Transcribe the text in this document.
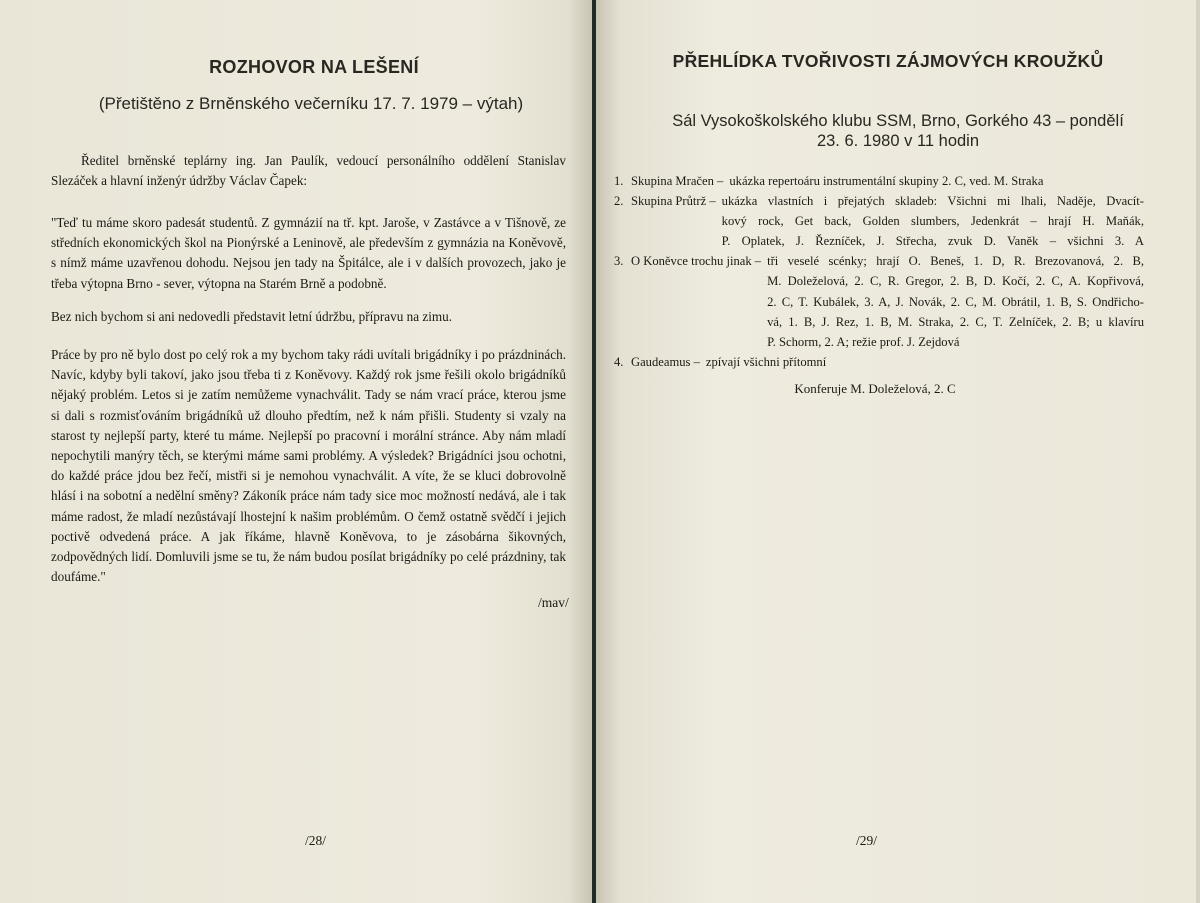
ROZHOVOR NA LEŠENÍ
(Přetištěno z Brněnského večerníku 17. 7. 1979 – výtah)

Ředitel brněnské teplárny ing. Jan Paulík, vedoucí personálního oddělení Stanislav Slezáček a hlavní inženýr údržby Václav Čapek:

"Teď tu máme skoro padesát studentů. Z gymnázií na tř. kpt. Jaroše, v Zastávce a v Tišnově, ze středních ekonomických škol na Pionýrské a Leninově, ale především z gymnázia na Koněvově, s nímž máme uzavřenou dohodu. Nejsou jen tady na Špitálce, ale i v dalších provozech, jako je třeba výtopna Brno - sever, výtopna na Starém Brně a podobně.

Bez nich bychom si ani nedovedli představit letní údržbu, přípravu na zimu.

Práce by pro ně bylo dost po celý rok a my bychom taky rádi uvítali brigádníky i po prázdninách. Navíc, kdyby byli takoví, jako jsou třeba ti z Koněvovy. Každý rok jsme řešili okolo brigádníků nějaký problém. Letos si je zatím nemůžeme vynachválit. Tady se nám vrací práce, kterou jsme si dali s rozmisťováním brigádníků už dlouho předtím, než k nám přišli. Studenty si vzaly na starost ty nejlepší party, které tu máme. Nejlepší po pracovní i morální stránce. Aby nám mladí nepochytili manýry těch, se kterými máme sami problémy. A výsledek? Brigádníci jsou ochotni, do každé práce jdou bez řečí, mistři si je nemohou vynachválit. A víte, že se kluci dobrovolně hlásí i na sobotní a nedělní směny? Zákoník práce nám tady sice moc možností nedává, ale i tak máme radost, že mladí nezůstávají lhostejní k našim problémům. O čemž ostatně svědčí i jejich poctivě odvedená práce. A jak říkáme, hlavně Koněvova, to je zásobárna šikovných, zodpovědných lidí. Domluvili jsme se tu, že nám budou posílat brigádníky po celé prázdniny, tak doufáme."

/mav/
/28/
PŘEHLÍDKA TVOŘIVOSTI ZÁJMOVÝCH KROUŽKŮ
Sál Vysokoškolského klubu SSM, Brno, Gorkého 43 – pondělí
23. 6. 1980 v 11 hodin
/29/
1. Skupina Mračen – ukázka repertoáru instrumentální skupiny 2. C, ved. M. Straka
2. Skupina Průtrž – ukázka vlastních i přejatých skladeb: Všichni mi lhali, Naděje, Dvacít-
kový rock, Get back, Golden slumbers, Jedenkrát – hrají H. Maňák,
P. Oplatek, J. Řezníček, J. Střecha, zvuk D. Vaněk – všichni 3. A
3. O Koněvce trochu jinak – tři veselé scénky; hrají O. Beneš, 1. D, R. Brezovanová, 2. B,
M. Doleželová, 2. C, R. Gregor, 2. B, D. Kočí, 2. C, A. Kopřivová,
2. C, T. Kubálek, 3. A, J. Novák, 2. C, M. Obrátil, 1. B, S. Ondřicho-
vá, 1. B, J. Rez, 1. B, M. Straka, 2. C, T. Zelníček, 2. B; u klavíru
P. Schorm, 2. A; režie prof. J. Zejdová
4. Gaudeamus – zpívají všichni přítomní
Konferuje M. Doleželová, 2. C
